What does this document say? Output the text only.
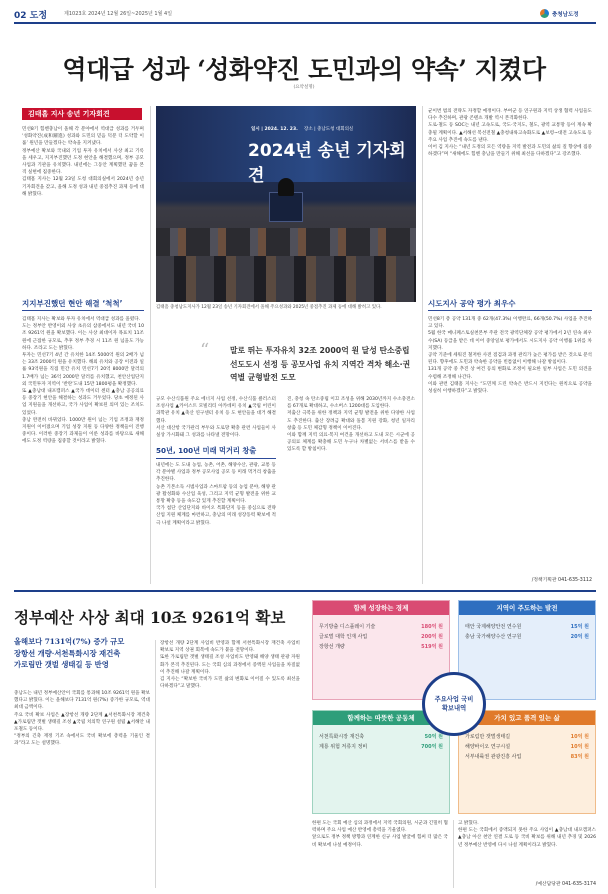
02 도정	제1023호 2024년 12월 26일~2025년 1월 4일	충청남도정
역대급 성과 ‘성화약진 도민과의 약속’ 지켰다
(요약설명)
김태흠 지사 송년 기자회견

민선8기 힘쎈충남이 올해 각 분야에서 역대급 성과를 거두며 ‘성화약진(成和躍進) 성과와 도민의 믿음 덕분 더 도약할 이룰’ 원년을 만들겠다는 약속을 지켜냈다.

정부예산 확보와 국내외 기업 투자 유치에서 사상 최고 기록을 세우고, 지지부진했던 도정 현안을 해결했으며, 정부 공모사업과 기관을 유치했다. 내년에는 그동안 계획했던 꿈을 본격 실현에 집중한다.

김태흠 지사는 12월 23일 도청 대회의실에서 2024년 송년 기자회견을 갖고, 올해 도정 성과 내년 중점추진 과제 등에 대해 밝혔다.

지지부진했던 현안 해결 ‘척척’

김태흠 지사는 확보와 투자 유치에서 역대급 성과를 올렸다.

도는 정부안 반영이외 사상 초유의 삼중에서도 내년 국비 10조 9261억 원을 확보했다. 이는 사상 최대이자 목표치 11조 원에 근접한 규모로, 추후 정부 추경 시 11조 원 넘을도 가능하다. 조라고 도는 밝혔다.

투자는 민선7기 4년 간 유치한 14조 5000억 원의 2배가 넘는 33조 2000억 원을 유치했다. 해외 유치와 공장 이전과 일률 93억원을 직접 민간 유치 민선7기 20억 8000만 달러의 1.7배가 넘는 36억 2000만 달러를 유치했고, 천안산업단지 외 국민투자 지역이 ‘반란’도내 15만 1800평을 확정했다.

또 ▲충남대 내포캠퍼스 ▲국가 데이터 센터 ▲충남 공공의료 등 중장기 현안을 해결하는 성과도 거두었다. 당초 예정된 사업 지원들을 개선하고, 국가 사업이 확보된 의미 있는 조치도 있었다.

충남 완전히 바뀌었다. 1000만 원이 넘는 기업 조정과 재정지원이 이어졌으며 기업 성장 지원 등 다양한 정책들이 진행 중이다. 이러한 중장기 과제들이 이룬 성과를 바탕으로 새해에도 도정 역량을 집중할 것이라고 밝혔다.

일시 | 2024. 12. 23. 장소 | 충남도청 대회의실
2024년 송년 기자회견
김태흠 충청남도지사가 12월 23일 송년 기자회견에서 올해 주요성과와 2025년 중점추진 과제 등에 대해 밝히고 있다.
“	말로 뛰는 투자유치 32조 2000억 원 달성 탄소중립 선도도시 선정 등 공모사업 유치 지역간 격차 해소·권역별 균형발전 도모

규모 수산식품원 주요 에너지 사업 선정, 수산식품 클러스터 조성사업 ▲카이스트 모빌리티 아카데미 유치 ▲국립 어린이 과학관 유치 ▲축산 연구센터 유치 등 도 현안들을 대거 해결했다.

서산 대산항 국가관리 부두와 도로망 확충 관련 사업들이 사실상 가시화돼 그 성과를 나타낼 전망이다.

50년, 100년 미래 먹거리 창출

내년에는 도 도내 농업, 농촌, 어촌, 해양수산, 관광, 교통 등 각 분야별 사업과 정부 공모사업 공모 등 미래 먹거리 창출을 추진한다.

농촌 기본소득 시범사업과 스마트팜 등의 농업 분야, 해양 관광 활성화와 수산업 육성, 그리고 지역 균형 발전을 위한 교통망 확충 등을 속도감 있게 추진할 계획이다.

국가 첨단 산업단지와 바이오 특화단지 등을 중심으로 전략산업 지원 체계를 마련하고, 충남의 미래 성장동력 확보에 적극 나설 계획이라고 밝혔다.

진, 충청 속 탄소중립 이끄 조성을 위해 2030년까지 수소충전소를 67개로 확대하고, 수소버스 1200대를 도입한다.

저출산 극복을 위한 정책과 지역 균형 발전을 위한 다양한 사업도 추진한다. 출산 장려금 확대와 돌봄 지원 강화, 청년 일자리 창출 등 도민 체감형 정책이 이어진다.

이와 함께 지역 의료·복지 여건을 개선하고 도내 모든 시군에 공공의료 체계를 확충해 도민 누구나 차별없는 서비스를 받을 수 있도록 할 방침이다.

균이번 범의 전략도 자정할 예정이다. 부여군 등 연구원과 지역 상생 협력 사업들도 다수 추진하며, 관광 콘텐츠 개발 역시 본격화한다.

도로·철도 등 SOC는 내년 고속도로, 국도·국지도, 철도, 광역 교통망 등이 계속 확충될 계획이다. ▲서해선 복선전철 ▲충청내륙고속화도로 ▲보령~대전 고속도로 등 주요 사업 추진에 속도를 낸다.

이어 김 지사는 “내년 도정의 모든 역량을 지역 발전과 도민의 삶의 질 향상에 집중하겠다”며 “새해에도 힘쎈 충남을 만들기 위해 최선을 다하겠다”고 강조했다.

시도지사 공약 평가 최우수

민선8기 총 공약 131개 중 62개(47.3%) 이행완료, 66개(50.7%) 사업을 추진하고 있다.

5월 한국 매니페스토실천본부 주관 전국 광역단체장 공약 평가에서 2년 연속 최우수(SA) 등급을 받은 데 이어 중앙일보 평가에서도 시도지사 공약 이행률 1위를 차지했다.

공약 기준에 세워진 철저한 사전 점검과 과정 관리가 높은 평가를 받은 것으로 분석된다. 향후에도 도민과 약속한 공약을 빈틈없이 이행해 나갈 방침이다.

131개 공약 중 추진 상 여건 등의 변화로 조정이 필요한 일부 사업은 도민 의견을 수렴해 조정해 나간다.

이와 관련 김태흠 지사는 “도민께 드린 약속은 반드시 지킨다는 원칙으로 공약을 성실히 이행하겠다”고 밝혔다.

/정책기획관 041-635-3112
정부예산 사상 최대 10조 9261억 확보
올해보다 7131억(7%) 증가 규모
장항선 개량·서천특화시장 재건축
가로림만 갯벌 생태길 등 반영

충남도는 내년 정부예산안이 국회를 통과해 10조 9261억 원을 확보했다고 밝혔다. 이는 올해보다 7131억 원(7%) 증가한 규모로, 역대 최대 금액이다.

주요 국비 확보 사업은 ▲장항선 개량 2단계 ▲서천특화시장 재건축 ▲가로림만 갯벌 생태길 조성 ▲국립 치의학 연구원 설립 ▲서해안 내포철도 등이다.

“정부의 긴축 재정 기조 속에서도 국비 확보에 총력을 기울인 결과”라고 도는 설명했다.

장항선 개량 2단계 사업비 반영과 함께 서천특화시장 재건축 사업비 확보로 지역 상권 회복에 속도가 붙을 전망이다.

또한 가로림만 갯벌 생태길 조성 사업비도 반영돼 해양 생태 관광 자원화가 본격 추진된다. 도는 국회 심의 과정에서 증액된 사업들을 차질없이 추진해 나갈 계획이다.

김 지사는 “확보한 국비가 도민 삶의 변화로 이어질 수 있도록 최선을 다하겠다”고 말했다.

함께 성장하는 경제
무기방출 디스플레이 기술	180억 원
글로벌 대학 인재 사업	200억 원
장항선 개량	519억 원
지역이 주도하는 발전
태안 국제해양안전 연수원	15억 원
충남 국가해양수산 연구원	20억 원
함께하는 따뜻한 공동체
서천특화시장 재건축	50억 원
계룡 위험 저류지 정비	700억 원
가치 있고 품격 있는 삶
가로림만 갯벌생태길	10억 원
해양바이오 연구시설	10억 원
서부내륙권 관광진흥 사업	83억 원
주요사업 국비확보내역

한편 도는 국회 예산 심의 과정에서 지역 국회의원, 시군과 긴밀히 협력하며 주요 사업 예산 반영에 총력을 기울였다.

앞으로도 정부 정책 방향과 연계한 신규 사업 발굴에 힘써 더 많은 국비 확보에 나설 예정이다.

고 밝혔다.

한편 도는 국회에서 증액되지 못한 주요 사업이 ▲충남대 내포캠퍼스 ▲충남 아산 천안 연결 도로 등 국비 확보를 위해 내년 추경 및 2026년 정부예산 반영에 다시 나설 계획이라고 밝혔다.

/예산담당관 041-635-3174
